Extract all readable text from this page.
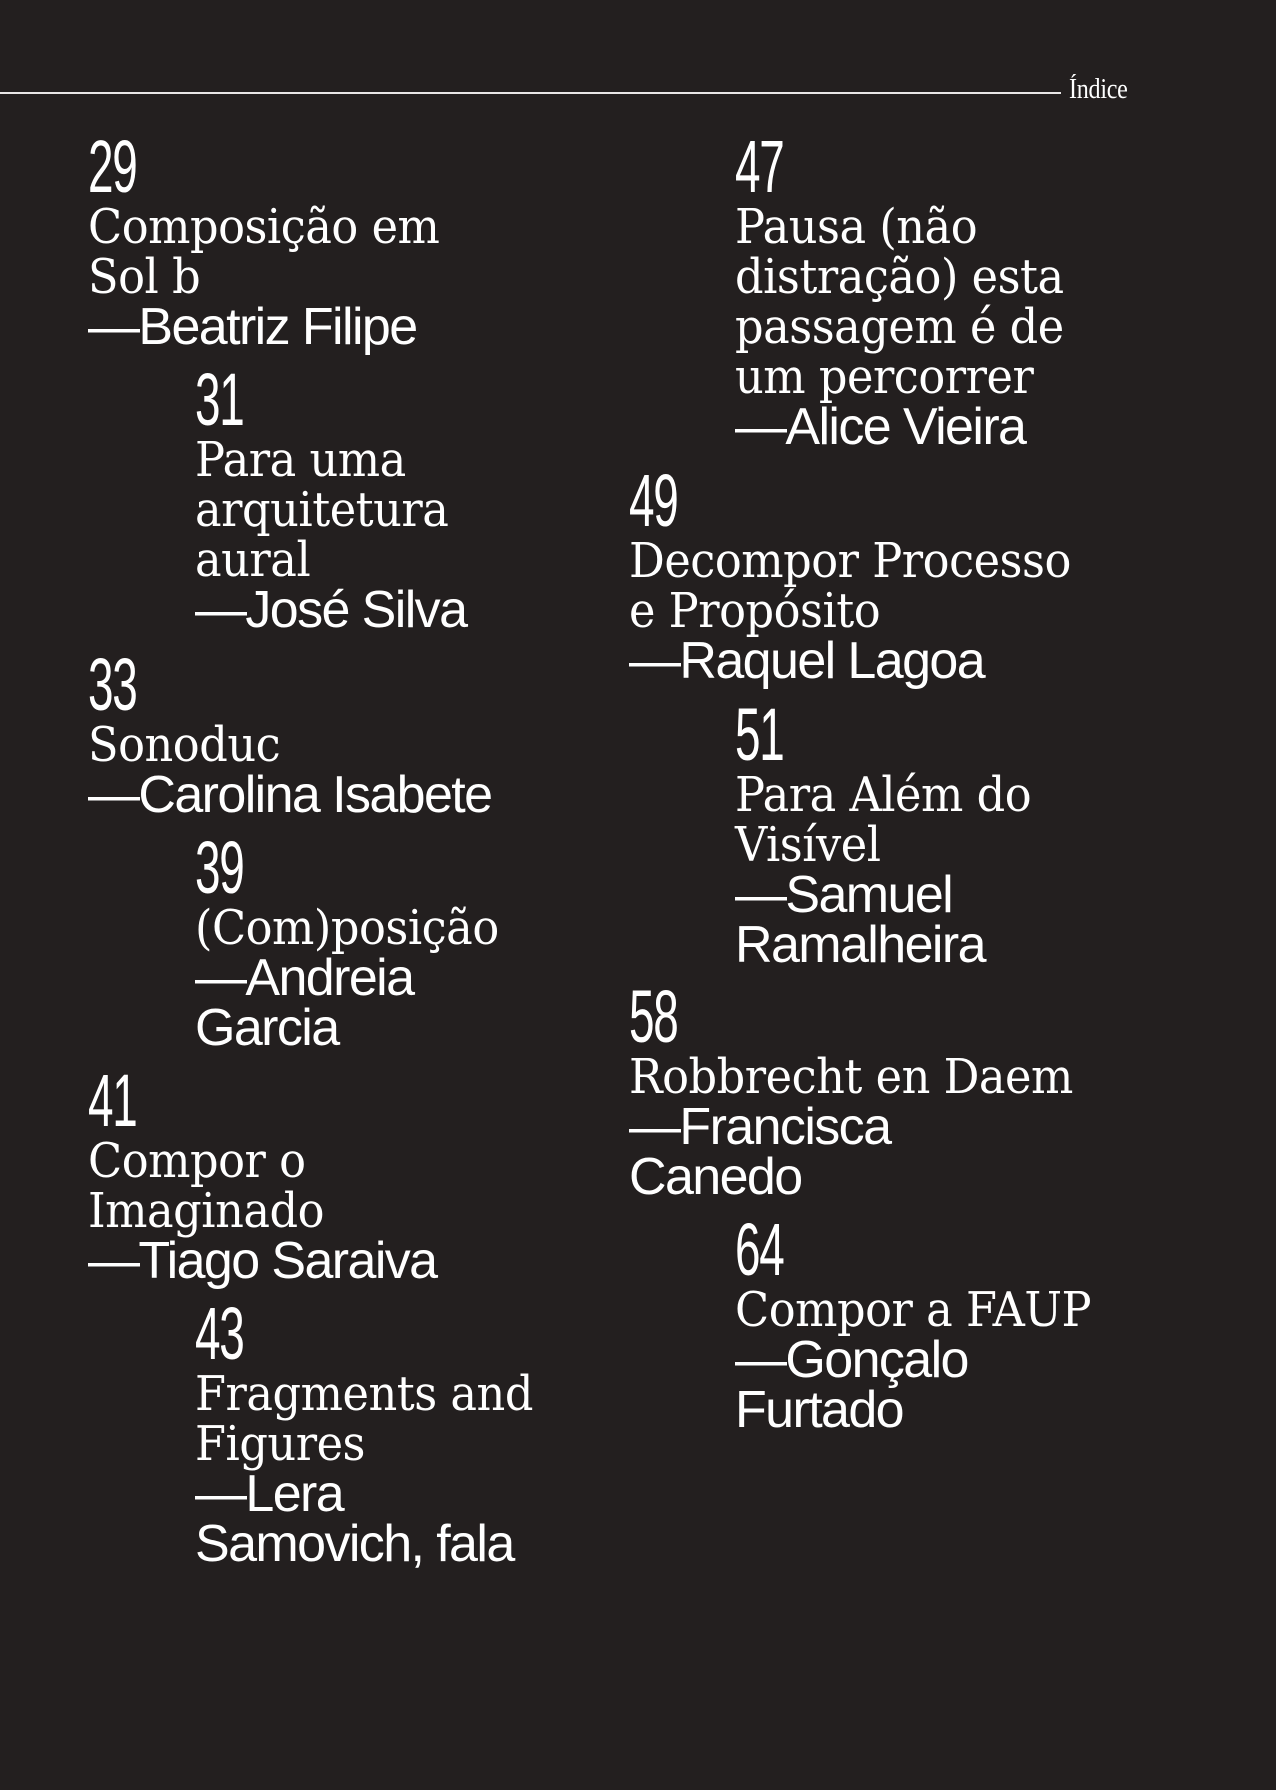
Índice
29
Composição em
Sol b
—Beatriz Filipe
31
Para uma
arquitetura
aural
—José Silva
33
Sonoduc
—Carolina Isabete
39
(Com)posição
—Andreia
Garcia
41
Compor o
Imaginado
—Tiago Saraiva
43
Fragments and
Figures
—Lera
Samovich, fala
47
Pausa (não
distração) esta
passagem é de
um percorrer
—Alice Vieira
49
Decompor Processo
e Propósito
—Raquel Lagoa
51
Para Além do
Visível
—Samuel
Ramalheira
58
Robbrecht en Daem
—Francisca
Canedo
64
Compor a FAUP
—Gonçalo
Furtado
